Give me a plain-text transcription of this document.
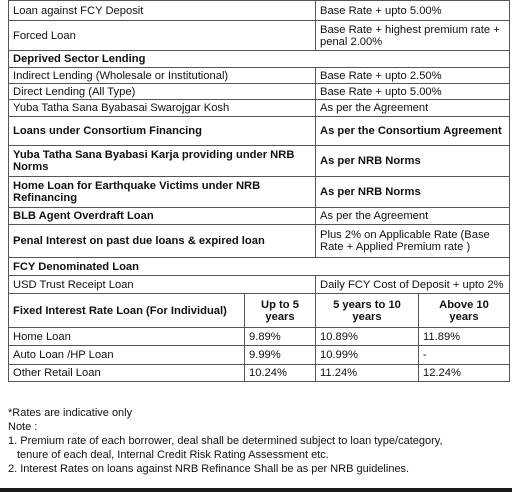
Loan against FCY Deposit		Base Rate + upto 5.00%	
Forced Loan		Base Rate + highest premium rate + penal 2.00%	
Deprived Sector Lending			
Indirect Lending (Wholesale or Institutional)		Base Rate + upto 2.50%	
Direct Lending (All Type)		Base Rate + upto 5.00%	
Yuba Tatha Sana Byabasai Swarojgar Kosh		As per the Agreement	
Loans under Consortium Financing		As per the Consortium Agreement	
Yuba Tatha Sana Byabasi Karja providing under NRB Norms		As per NRB Norms	
Home Loan for Earthquake Victims under NRB Refinancing		As per NRB Norms	
BLB Agent Overdraft Loan		As per the Agreement	
Penal Interest on past due loans & expired loan		Plus 2% on Applicable Rate (Base Rate + Applied Premium rate )	
FCY Denominated Loan			
USD Trust Receipt Loan		Daily FCY Cost of Deposit + upto 2%	
Fixed Interest Rate Loan (For Individual)	Up to 5 years	5 years to 10 years	Above 10 years
Home Loan	9.89%	10.89%	11.89%
Auto Loan /HP Loan	9.99%	10.99%	-
Other Retail Loan	10.24%	11.24%	12.24%
*Rates are indicative only
Note :
1. Premium rate of each borrower, deal shall be determined subject to loan type/category,
tenure of each deal, Internal Credit Risk Rating Assessment etc.
2. Interest Rates on loans against NRB Refinance Shall be as per NRB guidelines.
